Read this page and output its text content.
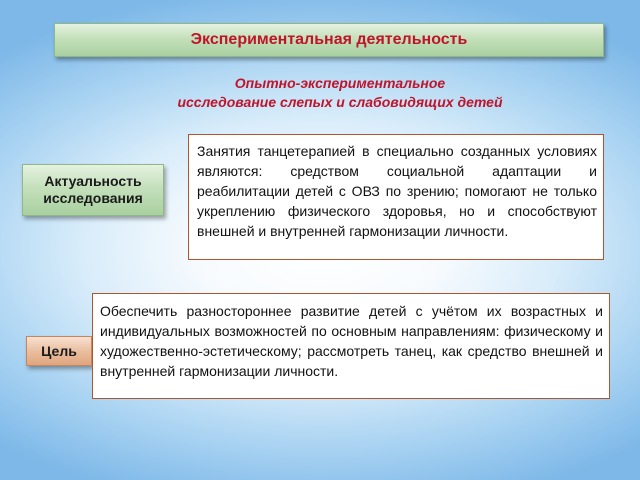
Экспериментальная деятельность
Опытно-экспериментальное
исследование слепых и слабовидящих детей
Актуальность исследования
Занятия танцетерапией в специально созданных условиях являются: средством социальной адаптации и реабилитации детей с ОВЗ по зрению; помогают не только укреплению физического здоровья, но и способствуют внешней и внутренней гармонизации личности.
Цель
Обеспечить разностороннее развитие детей с учётом их возрастных и индивидуальных возможностей по основным направлениям: физическому и художественно-эстетическому; рассмотреть танец, как средство внешней и внутренней гармонизации личности.
